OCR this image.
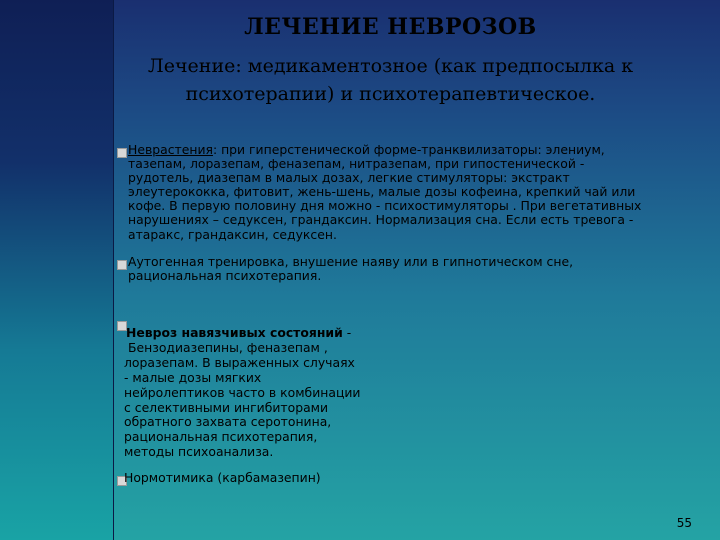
ЛЕЧЕНИЕ НЕВРОЗОВ
Лечение: медикаментозное (как предпосылка к
психотерапии) и психотерапевтическое.
Неврастения: при гиперстенической форме-транквилизаторы: элениум,
тазепам, лоразепам, феназепам, нитразепам, при гипостенической -
рудотель, диазепам в малых дозах, легкие стимуляторы: экстракт
элеутерококка, фитовит, жень-шень, малые дозы кофеина, крепкий чай или
кофе. В первую половину дня можно - психостимуляторы . При вегетативных
нарушениях – седуксен, грандаксин. Нормализация сна. Если есть тревога -
атаракс, грандаксин, седуксен.
Аутогенная тренировка, внушение наяву или в гипнотическом сне,
рациональная психотерапия.
Невроз навязчивых состояний -
Бензодиазепины, феназепам ,
лоразепам. В выраженных случаях
- малые дозы мягких
нейролептиков часто в комбинации
с селективными ингибиторами
обратного захвата серотонина,
рациональная психотерапия,
методы психоанализа.
Нормотимика (карбамазепин)
55
